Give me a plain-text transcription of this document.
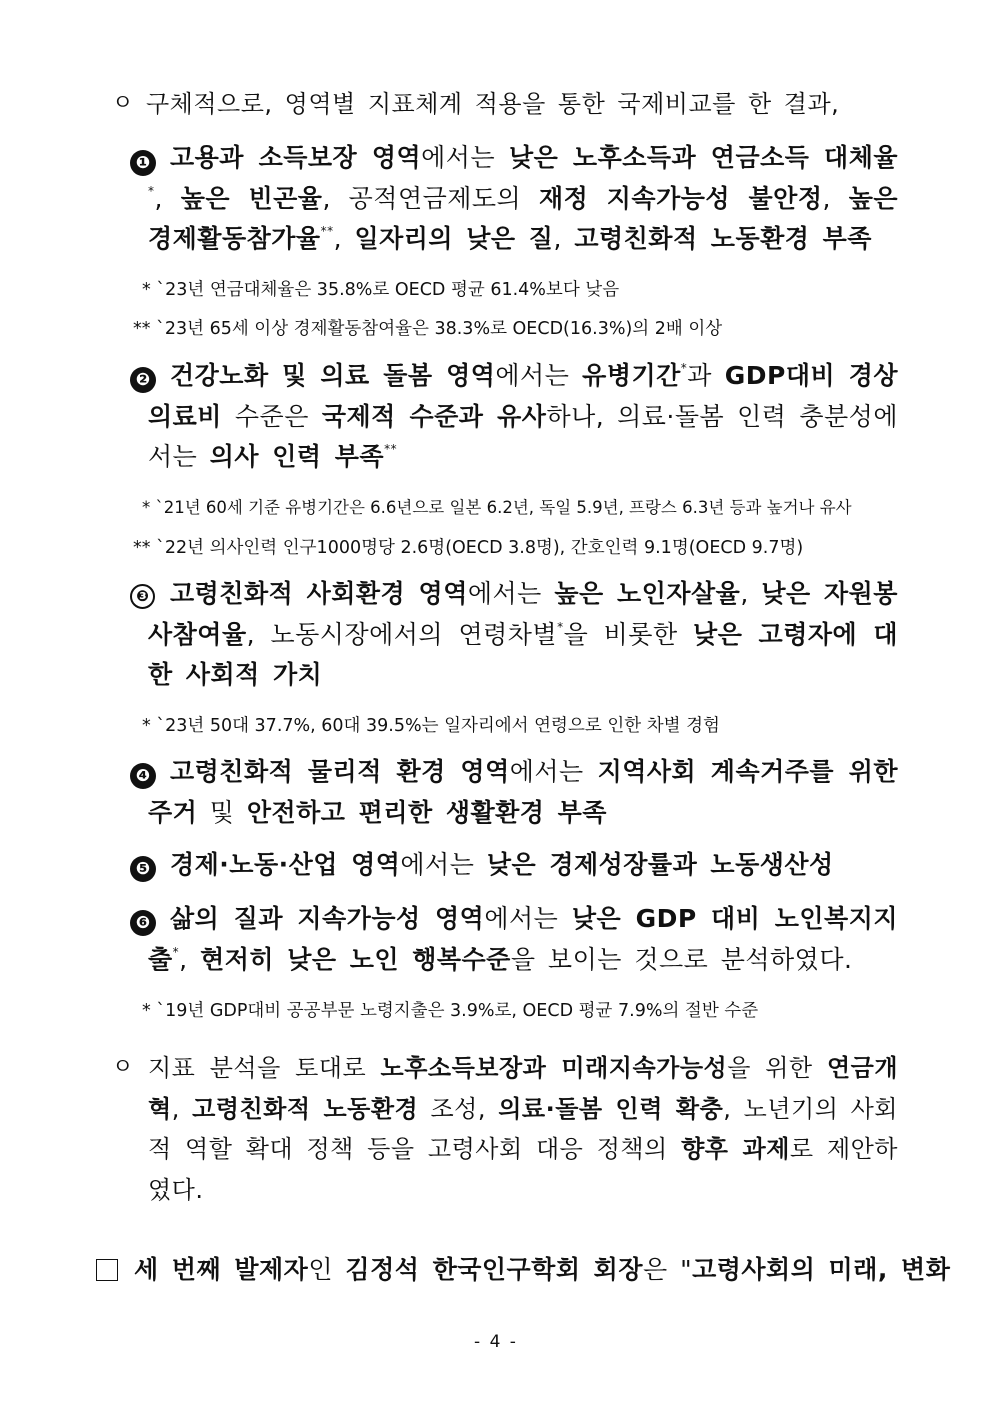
ㅇ 구체적으로, 영역별 지표체계 적용을 통한 국제비교를 한 결과,
❶ 고용과 소득보장 영역에서는 낮은 노후소득과 연금소득 대체율*, 높은 빈곤율, 공적연금제도의 재정 지속가능성 불안정, 높은 경제활동참가율**, 일자리의 낮은 질, 고령친화적 노동환경 부족
* `23년 연금대체율은 35.8%로 OECD 평균 61.4%보다 낮음
** `23년 65세 이상 경제활동참여율은 38.3%로 OECD(16.3%)의 2배 이상
❷ 건강노화 및 의료 돌봄 영역에서는 유병기간*과 GDP대비 경상의료비 수준은 국제적 수준과 유사하나, 의료·돌봄 인력 충분성에서는 의사 인력 부족**
* `21년 60세 기준 유병기간은 6.6년으로 일본 6.2년, 독일 5.9년, 프랑스 6.3년 등과 높거나 유사
** `22년 의사인력 인구1000명당 2.6명(OECD 3.8명), 간호인력 9.1명(OECD 9.7명)
❸ 고령친화적 사회환경 영역에서는 높은 노인자살율, 낮은 자원봉사참여율, 노동시장에서의 연령차별*을 비롯한 낮은 고령자에 대한 사회적 가치
* `23년 50대 37.7%, 60대 39.5%는 일자리에서 연령으로 인한 차별 경험
❹ 고령친화적 물리적 환경 영역에서는 지역사회 계속거주를 위한 주거 및 안전하고 편리한 생활환경 부족
❺ 경제·노동·산업 영역에서는 낮은 경제성장률과 노동생산성
❻ 삶의 질과 지속가능성 영역에서는 낮은 GDP 대비 노인복지지출*, 현저히 낮은 노인 행복수준을 보이는 것으로 분석하였다.
* `19년 GDP대비 공공부문 노령지출은 3.9%로, OECD 평균 7.9%의 절반 수준
ㅇ 지표 분석을 토대로 노후소득보장과 미래지속가능성을 위한 연금개혁, 고령친화적 노동환경 조성, 의료·돌봄 인력 확충, 노년기의 사회적 역할 확대 정책 등을 고령사회 대응 정책의 향후 과제로 제안하였다.
세 번째 발제자인 김정석 한국인구학회 회장은 "고령사회의 미래, 변화
- 4 -
